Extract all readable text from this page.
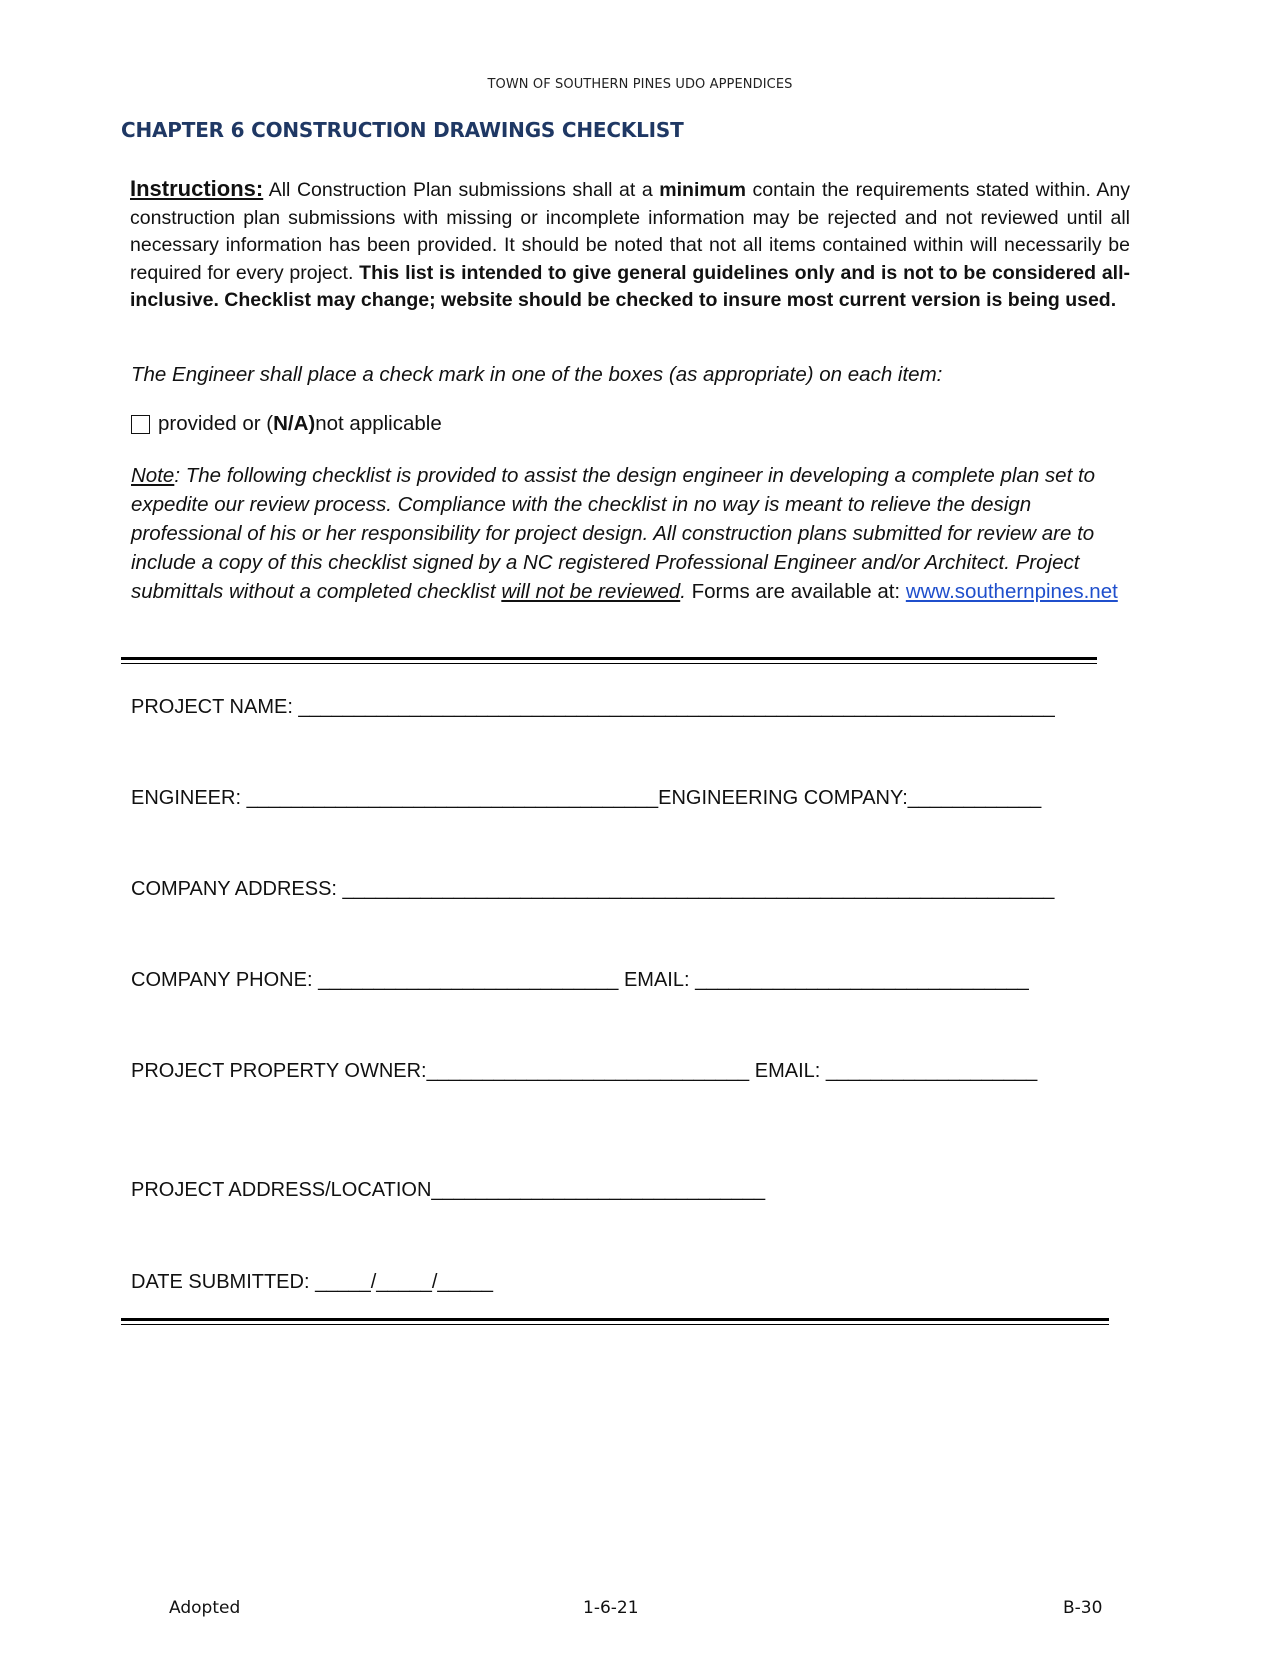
TOWN OF SOUTHERN PINES UDO APPENDICES
CHAPTER 6 CONSTRUCTION DRAWINGS CHECKLIST

Instructions: All Construction Plan submissions shall at a minimum contain the requirements stated within. Any construction plan submissions with missing or incomplete information may be rejected and not reviewed until all necessary information has been provided. It should be noted that not all items contained within will necessarily be required for every project. This list is intended to give general guidelines only and is not to be considered all-inclusive. Checklist may change; website should be checked to insure most current version is being used.

The Engineer shall place a check mark in one of the boxes (as appropriate) on each item:

provided or ( N/A) not applicable

Note: The following checklist is provided to assist the design engineer in developing a complete plan set to expedite our review process. Compliance with the checklist in no way is meant to relieve the design professional of his or her responsibility for project design. All construction plans submitted for review are to include a copy of this checklist signed by a NC registered Professional Engineer and/or Architect. Project submittals without a completed checklist will not be reviewed. Forms are available at: www.southernpines.net

PROJECT NAME: ____________________________________________________________________

ENGINEER: _____________________________________ENGINEERING COMPANY:____________

COMPANY ADDRESS: ________________________________________________________________

COMPANY PHONE: ___________________________ EMAIL: ______________________________

PROJECT PROPERTY OWNER:_____________________________ EMAIL: ___________________

PROJECT ADDRESS/LOCATION______________________________

DATE SUBMITTED: _____/_____/_____

Adopted	1-6-21	B-30
